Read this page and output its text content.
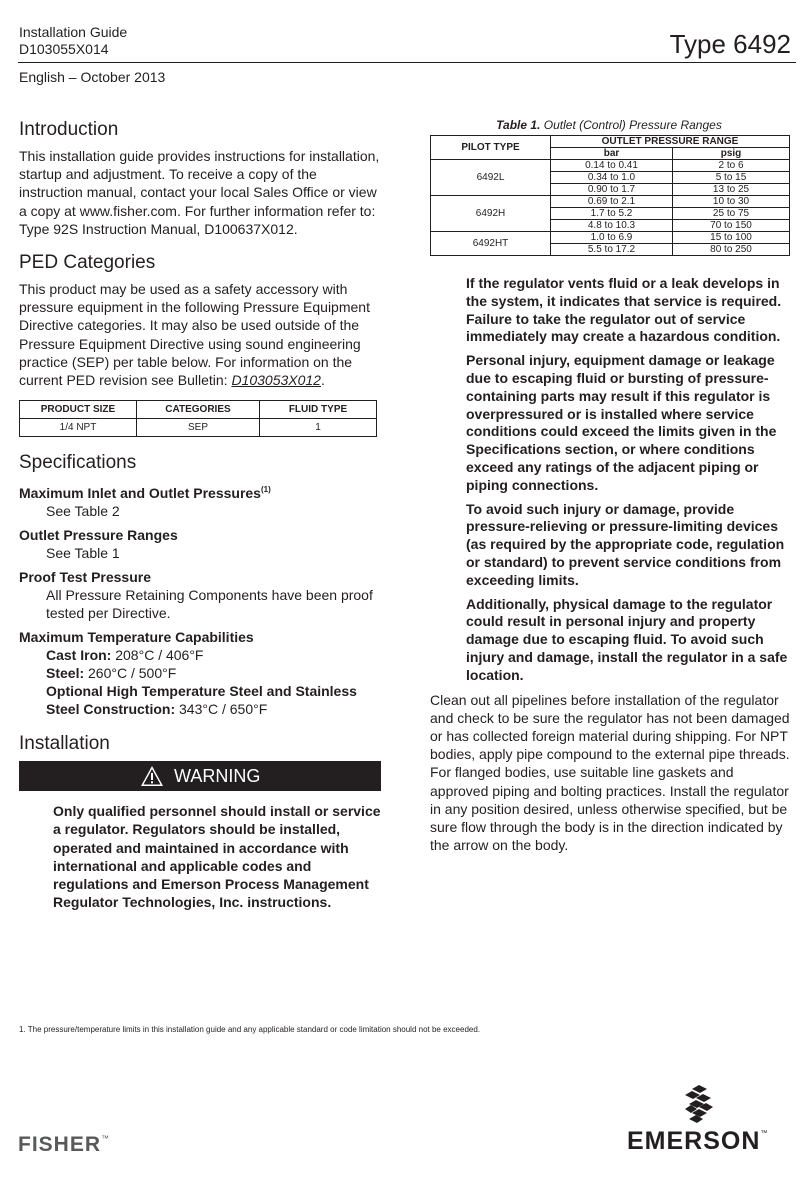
Installation Guide
D103055X014	Type 6492
English – October 2013
Introduction

This installation guide provides instructions for installation, startup and adjustment. To receive a copy of the instruction manual, contact your local Sales Office or view a copy at www.fisher.com. For further information refer to: Type 92S Instruction Manual, D100637X012.

PED Categories

This product may be used as a safety accessory with pressure equipment in the following Pressure Equipment Directive categories. It may also be used outside of the Pressure Equipment Directive using sound engineering practice (SEP) per table below. For information on the current PED revision see Bulletin: D103053X012.

PRODUCT SIZE	CATEGORIES	FLUID TYPE
1/4 NPT	SEP	1
Specifications

Maximum Inlet and Outlet Pressures$^{(1)}$

See Table 2

Outlet Pressure Ranges

See Table 1

Proof Test Pressure

All Pressure Retaining Components have been proof tested per Directive.

Maximum Temperature Capabilities

Cast Iron: 208°C / 406°F

Steel: 260°C / 500°F

Optional High Temperature Steel and Stainless Steel Construction: 343°C / 650°F

Installation
WARNING

Only qualified personnel should install or service a regulator. Regulators should be installed, operated and maintained in accordance with international and applicable codes and regulations and Emerson Process Management Regulator Technologies, Inc. instructions.

Table 1. Outlet (Control) Pressure Ranges

PILOT TYPE	OUTLET PRESSURE RANGE	
	bar	psig
6492L	0.14 to 0.41	2 to 6
	0.34 to 1.0	5 to 15
	0.90 to 1.7	13 to 25
6492H	0.69 to 2.1	10 to 30
	1.7 to 5.2	25 to 75
	4.8 to 10.3	70 to 150
6492HT	1.0 to 6.9	15 to 100
	5.5 to 17.2	80 to 250

If the regulator vents fluid or a leak develops in the system, it indicates that service is required. Failure to take the regulator out of service immediately may create a hazardous condition.

Personal injury, equipment damage or leakage due to escaping fluid or bursting of pressure-containing parts may result if this regulator is overpressured or is installed where service conditions could exceed the limits given in the Specifications section, or where conditions exceed any ratings of the adjacent piping or piping connections.

To avoid such injury or damage, provide pressure-relieving or pressure-limiting devices (as required by the appropriate code, regulation or standard) to prevent service conditions from exceeding limits.

Additionally, physical damage to the regulator could result in personal injury and property damage due to escaping fluid. To avoid such injury and damage, install the regulator in a safe location.

Clean out all pipelines before installation of the regulator and check to be sure the regulator has not been damaged or has collected foreign material during shipping. For NPT bodies, apply pipe compound to the external pipe threads. For flanged bodies, use suitable line gaskets and approved piping and bolting practices. Install the regulator in any position desired, unless otherwise specified, but be sure flow through the body is in the direction indicated by the arrow on the body.

1. The pressure/temperature limits in this installation guide and any applicable standard or code limitation should not be exceeded.
FISHER™	EMERSON™
